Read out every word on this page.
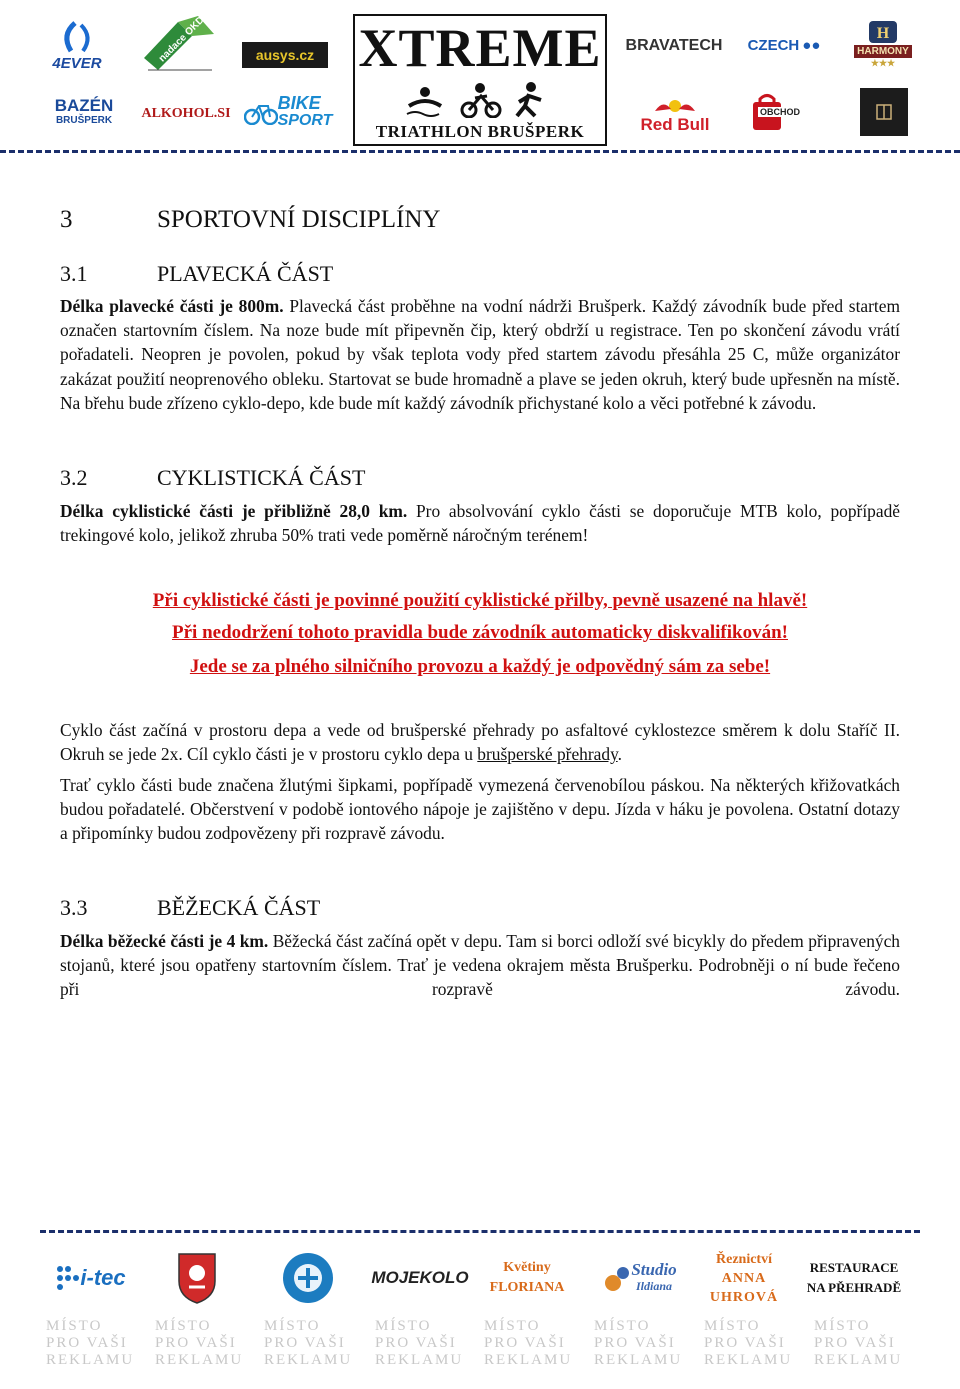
4EVER	nadace OKD	ausys.cz
BRAVATECH CZECH ●●
H
HARMONY
★★★
BAZÉN
BRUŠPERK ALKOHOL.SI
BIKE
SPORT	Red Bull
OBCHOD
XTREME
TRIATHLON BRUŠPERK
3	SPORTOVNÍ DISCIPLÍNY
3.1	PLAVECKÁ ČÁST

Délka plavecké části je 800m. Plavecká část proběhne na vodní nádrži Brušperk. Každý závodník bude před startem označen startovním číslem. Na noze bude mít připevněn čip, který obdrží u registrace. Ten po skončení závodu vrátí pořadateli. Neopren je povolen, pokud by však teplota vody před startem závodu přesáhla 25 C, může organizátor zakázat použití neoprenového obleku. Startovat se bude hromadně a plave se jeden okruh, který bude upřesněn na místě. Na břehu bude zřízeno cyklo-depo, kde bude mít každý závodník přichystané kolo a věci potřebné k závodu.

3.2	CYKLISTICKÁ ČÁST

Délka cyklistické části je přibližně 28,0 km. Pro absolvování cyklo části se doporučuje MTB kolo, popřípadě trekingové kolo, jelikož zhruba 50% trati vede poměrně náročným terénem!

Při cyklistické části je povinné použití cyklistické přilby, pevně usazené na hlavě!

Při nedodržení tohoto pravidla bude závodník automaticky diskvalifikován!

Jede se za plného silničního provozu a každý je odpovědný sám za sebe!

Cyklo část začíná v prostoru depa a vede od brušperské přehrady po asfaltové cyklostezce směrem k dolu Staříč II. Okruh se jede 2x. Cíl cyklo části je v prostoru cyklo depa u brušperské přehrady.

Trať cyklo části bude značena žlutými šipkami, popřípadě vymezená červenobílou páskou. Na některých křižovatkách budou pořadatelé. Občerstvení v podobě iontového nápoje je zajištěno v depu. Jízda v háku je povolena. Ostatní dotazy a připomínky budou zodpovězeny při rozpravě závodu.

3.3	BĚŽECKÁ ČÁST

Délka běžecké části je 4 km. Běžecká část začíná opět v depu. Tam si borci odloží své bicykly do předem připravených stojanů, které jsou opatřeny startovním číslem. Trať je vedena okrajem města Brušperku. Podrobněji o ní bude řečeno při rozpravě závodu.

i-tec	MOJEKOLO
Květiny
FLORIANA
Studio
Ildiana
Řeznictví
ANNA
UHROVÁ
RESTAURACE
NA PŘEHRADĚ
MÍSTO
PRO VAŠI
REKLAMU
MÍSTO
PRO VAŠI
REKLAMU
MÍSTO
PRO VAŠI
REKLAMU
MÍSTO
PRO VAŠI
REKLAMU
MÍSTO
PRO VAŠI
REKLAMU
MÍSTO
PRO VAŠI
REKLAMU
MÍSTO
PRO VAŠI
REKLAMU
MÍSTO
PRO VAŠI
REKLAMU
